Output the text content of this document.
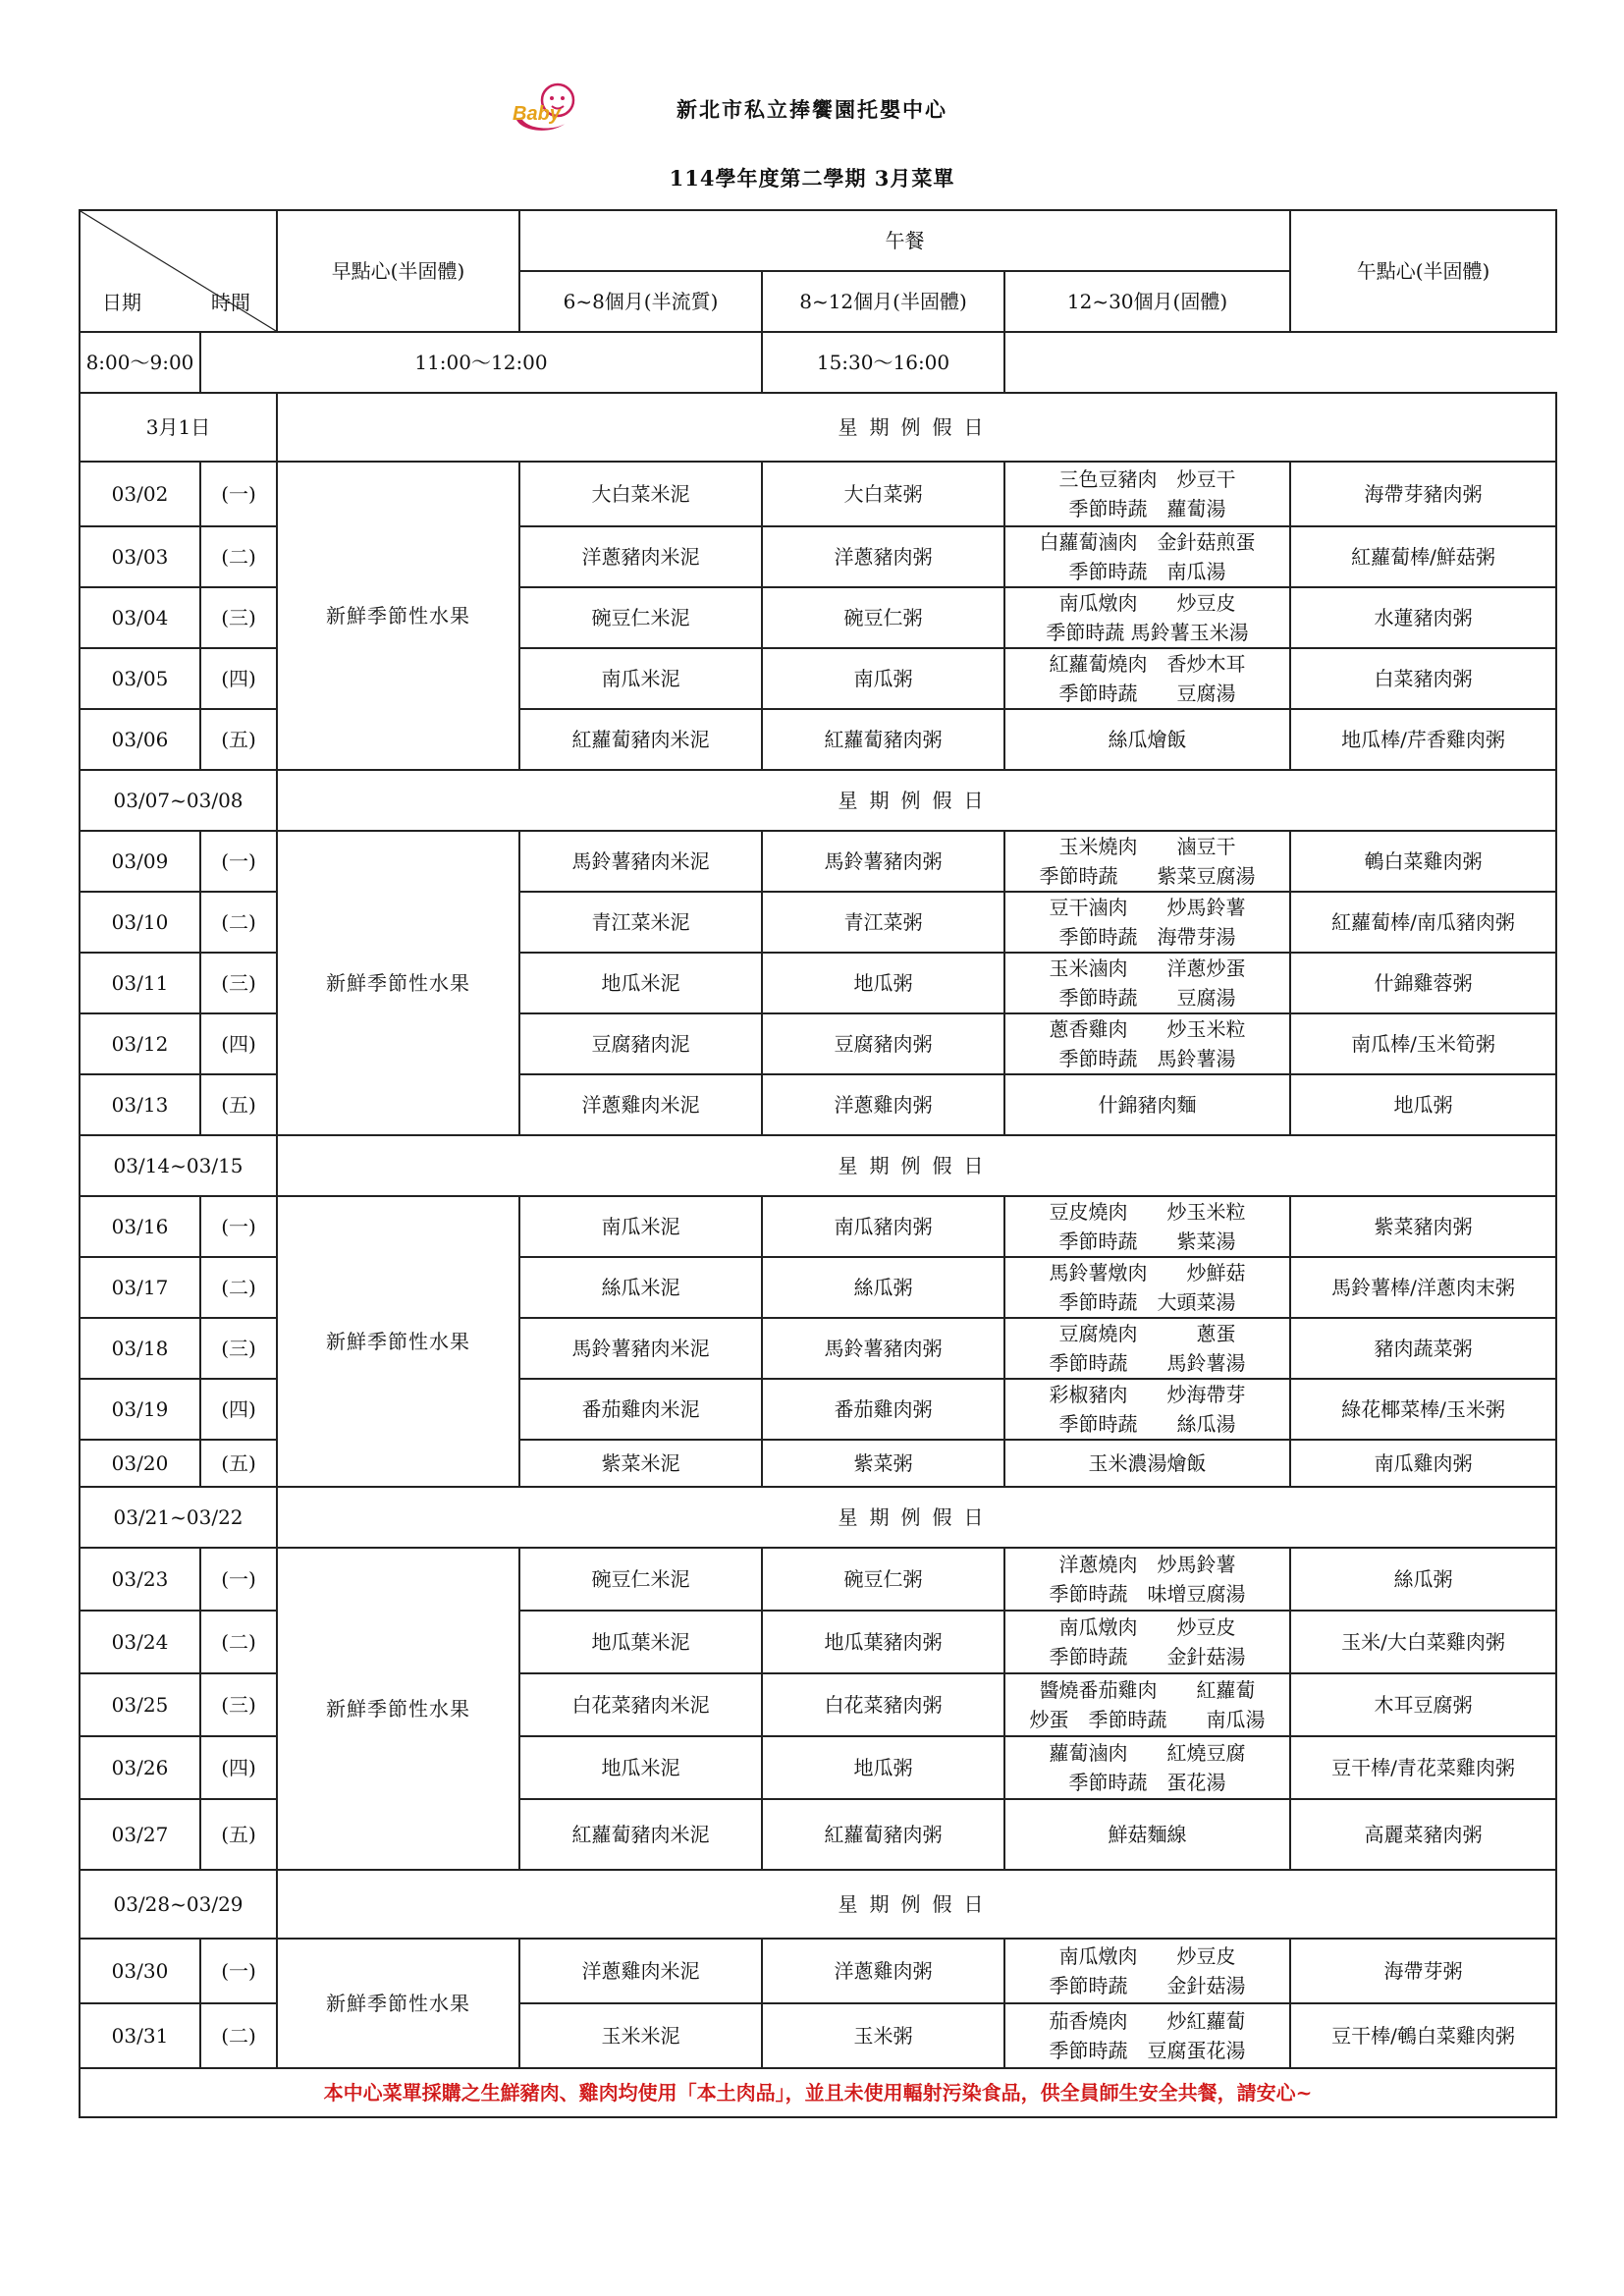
Baby	新北市私立捧饗園托嬰中心
114學年度第二學期 3月菜單
日期 時間		早點心(半固體)	午餐			午點心(半固體)
			6~8個月(半流質)	8~12個月(半固體)	12~30個月(固體)	
8:00～9:00	11:00～12:00			15:30～16:00		
3月1日		星期例假日				
03/02	(一)	新鮮季節性水果	大白菜米泥	大白菜粥	三色豆豬肉　炒豆干
季節時蔬　蘿蔔湯	海帶芽豬肉粥
03/03	(二)		洋蔥豬肉米泥	洋蔥豬肉粥	白蘿蔔滷肉　金針菇煎蛋
季節時蔬　南瓜湯	紅蘿蔔棒/鮮菇粥
03/04	(三)		碗豆仁米泥	碗豆仁粥	南瓜燉肉　　炒豆皮
季節時蔬 馬鈴薯玉米湯	水蓮豬肉粥
03/05	(四)		南瓜米泥	南瓜粥	紅蘿蔔燒肉　香炒木耳
季節時蔬　　豆腐湯	白菜豬肉粥
03/06	(五)		紅蘿蔔豬肉米泥	紅蘿蔔豬肉粥	絲瓜燴飯	地瓜棒/芹香雞肉粥
03/07~03/08		星期例假日				
03/09	(一)	新鮮季節性水果	馬鈴薯豬肉米泥	馬鈴薯豬肉粥	玉米燒肉　　滷豆干
季節時蔬　　紫菜豆腐湯	鵪白菜雞肉粥
03/10	(二)		青江菜米泥	青江菜粥	豆干滷肉　　炒馬鈴薯
季節時蔬　海帶芽湯	紅蘿蔔棒/南瓜豬肉粥
03/11	(三)		地瓜米泥	地瓜粥	玉米滷肉　　洋蔥炒蛋
季節時蔬　　豆腐湯	什錦雞蓉粥
03/12	(四)		豆腐豬肉泥	豆腐豬肉粥	蔥香雞肉　　炒玉米粒
季節時蔬　馬鈴薯湯	南瓜棒/玉米筍粥
03/13	(五)		洋蔥雞肉米泥	洋蔥雞肉粥	什錦豬肉麵	地瓜粥
03/14~03/15		星期例假日				
03/16	(一)	新鮮季節性水果	南瓜米泥	南瓜豬肉粥	豆皮燒肉　　炒玉米粒
季節時蔬　　紫菜湯	紫菜豬肉粥
03/17	(二)		絲瓜米泥	絲瓜粥	馬鈴薯燉肉　　炒鮮菇
季節時蔬　大頭菜湯	馬鈴薯棒/洋蔥肉末粥
03/18	(三)		馬鈴薯豬肉米泥	馬鈴薯豬肉粥	豆腐燒肉　　　蔥蛋
季節時蔬　　馬鈴薯湯	豬肉蔬菜粥
03/19	(四)		番茄雞肉米泥	番茄雞肉粥	彩椒豬肉　　炒海帶芽
季節時蔬　　絲瓜湯	綠花椰菜棒/玉米粥
03/20	(五)		紫菜米泥	紫菜粥	玉米濃湯燴飯	南瓜雞肉粥
03/21~03/22		星期例假日				
03/23	(一)	新鮮季節性水果	碗豆仁米泥	碗豆仁粥	洋蔥燒肉　炒馬鈴薯
季節時蔬　味增豆腐湯	絲瓜粥
03/24	(二)		地瓜葉米泥	地瓜葉豬肉粥	南瓜燉肉　　炒豆皮
季節時蔬　　金針菇湯	玉米/大白菜雞肉粥
03/25	(三)		白花菜豬肉米泥	白花菜豬肉粥	醬燒番茄雞肉　　紅蘿蔔
炒蛋　季節時蔬　　南瓜湯	木耳豆腐粥
03/26	(四)		地瓜米泥	地瓜粥	蘿蔔滷肉　　紅燒豆腐
季節時蔬　蛋花湯	豆干棒/青花菜雞肉粥
03/27	(五)		紅蘿蔔豬肉米泥	紅蘿蔔豬肉粥	鮮菇麵線	高麗菜豬肉粥
03/28~03/29		星期例假日				
03/30	(一)	新鮮季節性水果	洋蔥雞肉米泥	洋蔥雞肉粥	南瓜燉肉　　炒豆皮
季節時蔬　　金針菇湯	海帶芽粥
03/31	(二)		玉米米泥	玉米粥	茄香燒肉　　炒紅蘿蔔
季節時蔬　豆腐蛋花湯	豆干棒/鵪白菜雞肉粥
本中心菜單採購之生鮮豬肉、雞肉均使用「本土肉品」，並且未使用輻射污染食品，供全員師生安全共餐，請安心~						
